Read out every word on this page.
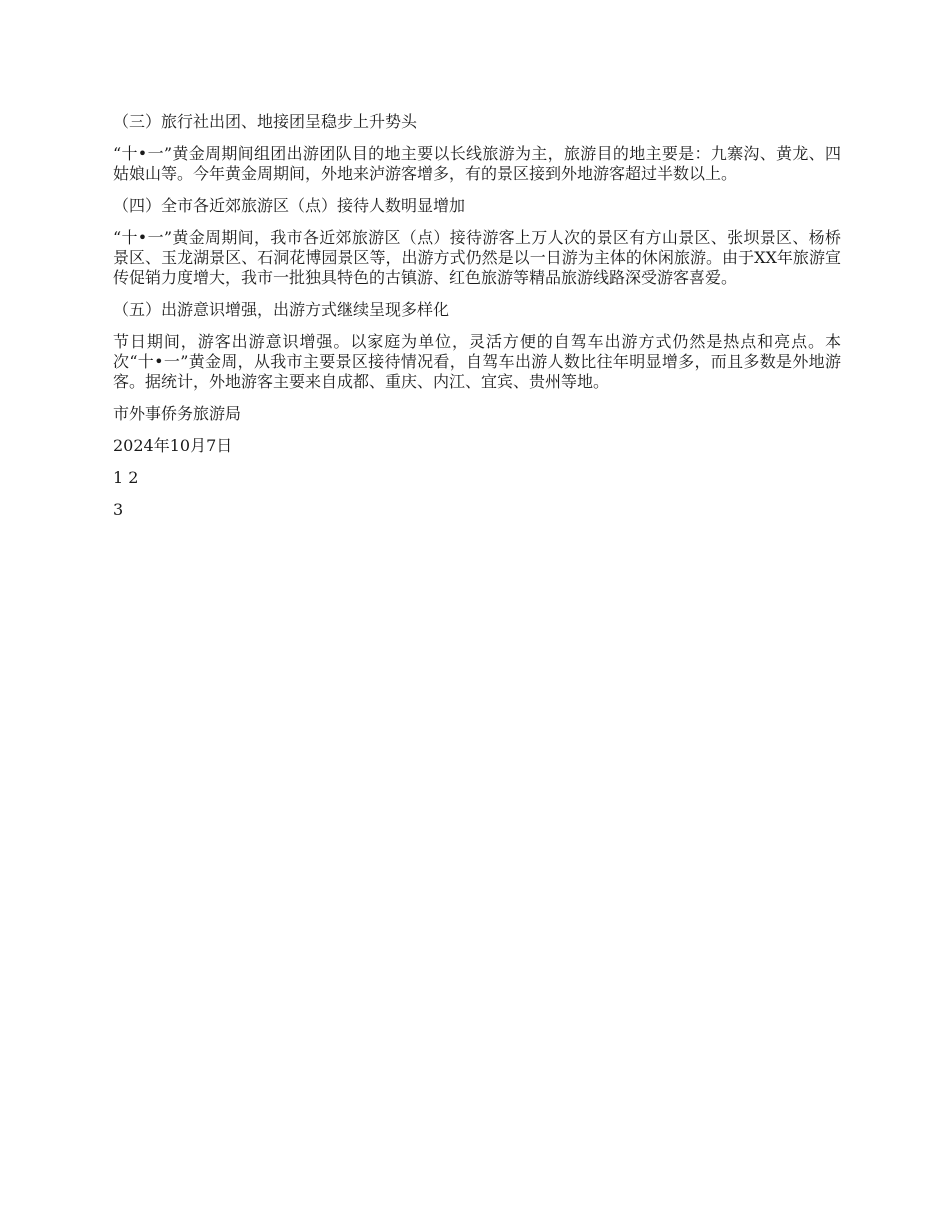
（三）旅行社出团、地接团呈稳步上升势头

“十•一”黄金周期间组团出游团队目的地主要以长线旅游为主，旅游目的地主要是：九寨沟、黄龙、四姑娘山等。今年黄金周期间，外地来泸游客增多，有的景区接到外地游客超过半数以上。

（四）全市各近郊旅游区（点）接待人数明显增加

“十•一”黄金周期间，我市各近郊旅游区（点）接待游客上万人次的景区有方山景区、张坝景区、杨桥景区、玉龙湖景区、石洞花博园景区等，出游方式仍然是以一日游为主体的休闲旅游。由于XX年旅游宣传促销力度增大，我市一批独具特色的古镇游、红色旅游等精品旅游线路深受游客喜爱。

（五）出游意识增强，出游方式继续呈现多样化

节日期间，游客出游意识增强。以家庭为单位，灵活方便的自驾车出游方式仍然是热点和亮点。本次“十•一”黄金周，从我市主要景区接待情况看，自驾车出游人数比往年明显增多，而且多数是外地游客。据统计，外地游客主要来自成都、重庆、内江、宜宾、贵州等地。

市外事侨务旅游局

2024年10月7日

1 2

3
